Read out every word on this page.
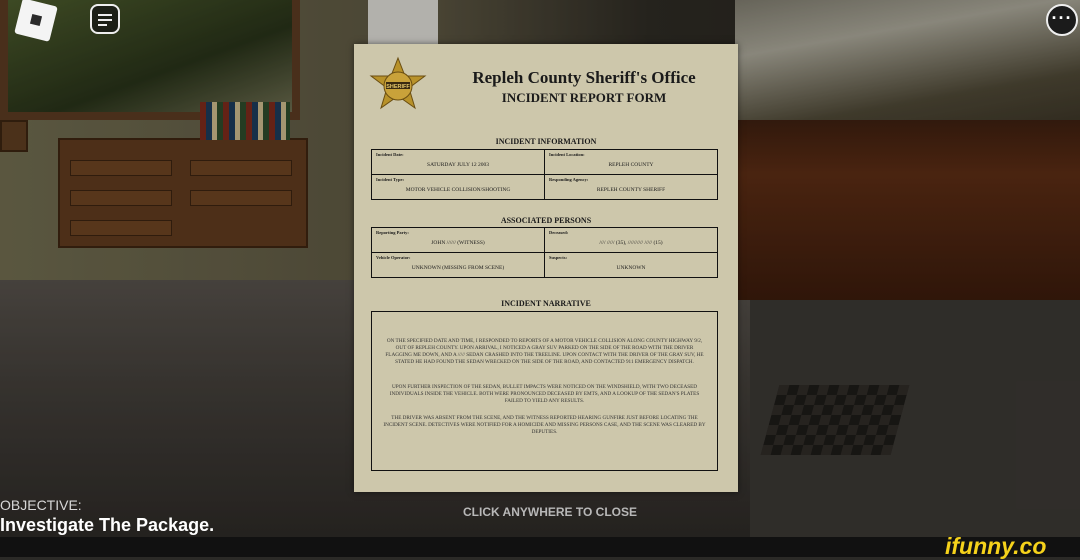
···
SHERIFF	Repleh County Sheriff's Office
INCIDENT REPORT FORM
INCIDENT INFORMATION
Incident Date:
SATURDAY JULY 12 2003
Incident Location:
REPLEH COUNTY
Incident Type:
MOTOR VEHICLE COLLISION/SHOOTING
Responding Agency:
REPLEH COUNTY SHERIFF
ASSOCIATED PERSONS
Reporting Party:
JOHN ////// (WITNESS)
Deceased:
//// ///// (35), ////////// ///// (15)
Vehicle Operator:
UNKNOWN (MISSING FROM SCENE)
Suspects:
UNKNOWN
INCIDENT NARRATIVE
ON THE SPECIFIED DATE AND TIME, I RESPONDED TO REPORTS OF A MOTOR VEHICLE COLLISION ALONG COUNTY HIGHWAY 9/2, OUT OF REPLEH COUNTY. UPON ARRIVAL, I NOTICED A GRAY SUV PARKED ON THE SIDE OF THE ROAD WITH THE DRIVER FLAGGING ME DOWN, AND A ///// SEDAN CRASHED INTO THE TREELINE. UPON CONTACT WITH THE DRIVER OF THE GRAY SUV, HE STATED HE HAD FOUND THE SEDAN WRECKED ON THE SIDE OF THE ROAD, AND CONTACTED 911 EMERGENCY DISPATCH.
UPON FURTHER INSPECTION OF THE SEDAN, BULLET IMPACTS WERE NOTICED ON THE WINDSHIELD, WITH TWO DECEASED INDIVIDUALS INSIDE THE VEHICLE. BOTH WERE PRONOUNCED DECEASED BY EMTS, AND A LOOKUP OF THE SEDAN'S PLATES FAILED TO YIELD ANY RESULTS.
THE DRIVER WAS ABSENT FROM THE SCENE, AND THE WITNESS REPORTED HEARING GUNFIRE JUST BEFORE LOCATING THE INCIDENT SCENE. DETECTIVES WERE NOTIFIED FOR A HOMICIDE AND MISSING PERSONS CASE, AND THE SCENE WAS CLEARED BY DEPUTIES.
CLICK ANYWHERE TO CLOSE
OBJECTIVE:
Investigate The Package.
ifunny.co
